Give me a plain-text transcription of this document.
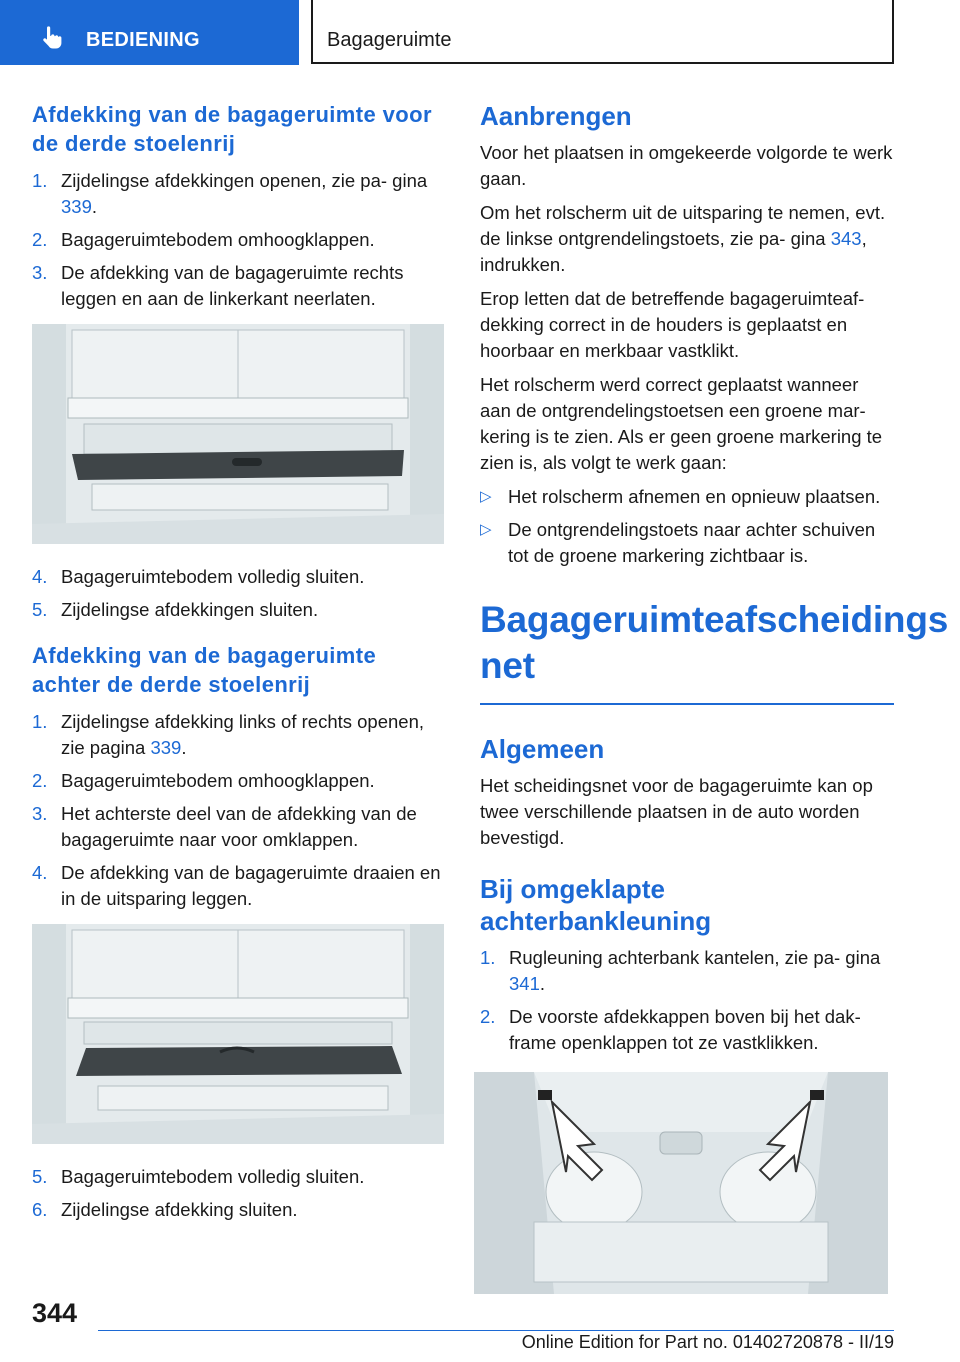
BEDIENING	Bagageruimte
Afdekking van de bagageruimte voor de derde stoelenrij
1. Zijdelingse afdekkingen openen, zie pa‐ gina 339.
2. Bagageruimtebodem omhoogklappen.
3. De afdekking van de bagageruimte rechts leggen en aan de linkerkant neerlaten.
4. Bagageruimtebodem volledig sluiten.
5. Zijdelingse afdekkingen sluiten.
Afdekking van de bagageruimte achter de derde stoelenrij
1. Zijdelingse afdekking links of rechts openen, zie pagina 339.
2. Bagageruimtebodem omhoogklappen.
3. Het achterste deel van de afdekking van de bagageruimte naar voor omklappen.
4. De afdekking van de bagageruimte draaien en in de uitsparing leggen.
5. Bagageruimtebodem volledig sluiten.
6. Zijdelingse afdekking sluiten.
Aanbrengen

Voor het plaatsen in omgekeerde volgorde te werk gaan.

Om het rolscherm uit de uitsparing te nemen, evt. de linkse ontgrendelingstoets, zie pa‐ gina 343, indrukken.

Erop letten dat de betreffende bagageruimteaf‐ dekking correct in de houders is geplaatst en hoorbaar en merkbaar vastklikt.

Het rolscherm werd correct geplaatst wanneer aan de ontgrendelingstoetsen een groene mar‐ kering is te zien. Als er geen groene markering te zien is, als volgt te werk gaan:

▷ Het rolscherm afnemen en opnieuw plaatsen.
▷ De ontgrendelingstoets naar achter schuiven tot de groene markering zichtbaar is.
Bagageruimteafscheidings net
Algemeen

Het scheidingsnet voor de bagageruimte kan op twee verschillende plaatsen in de auto worden bevestigd.

Bij omgeklapte achterbankleuning
1. Rugleuning achterbank kantelen, zie pa‐ gina 341.
2. De voorste afdekkappen boven bij het dak‐ frame openklappen tot ze vastklikken.
344
Online Edition for Part no. 01402720878 - II/19
